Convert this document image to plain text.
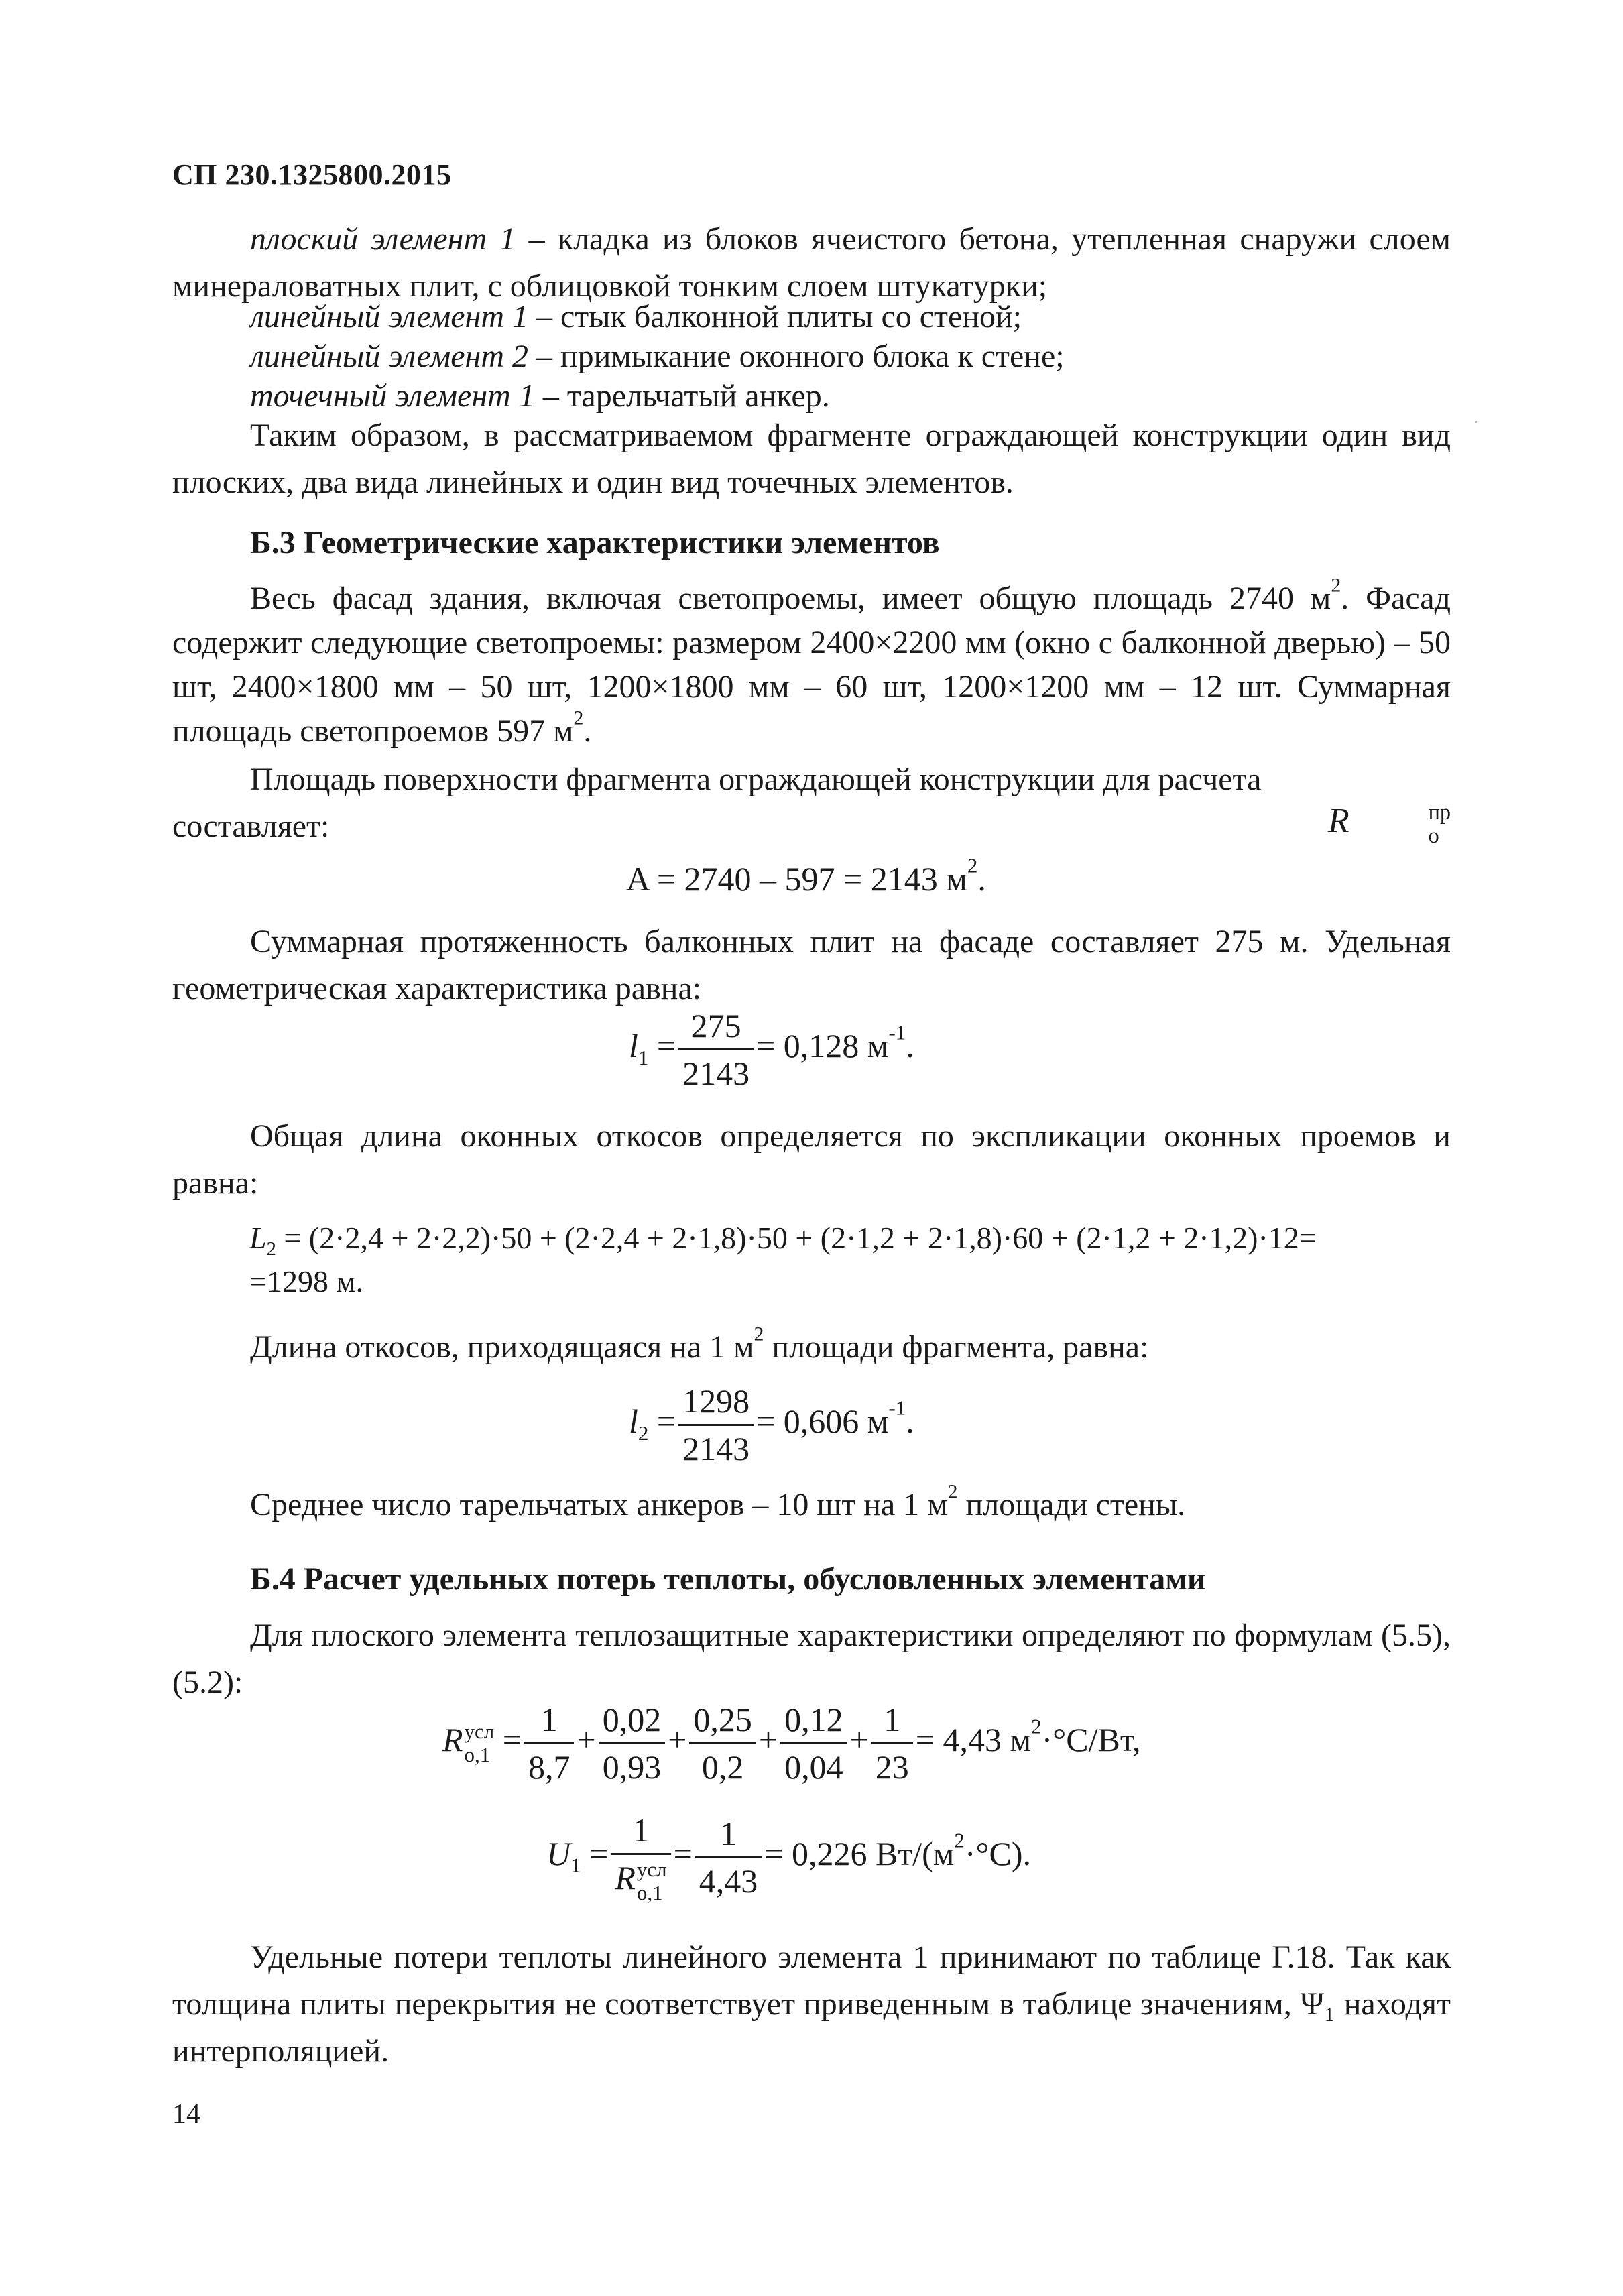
СП 230.1325800.2015
плоский элемент 1 – кладка из блоков ячеистого бетона, утепленная снаружи слоем минераловатных плит, с облицовкой тонким слоем штукатурки;
линейный элемент 1 – стык балконной плиты со стеной;
линейный элемент 2 – примыкание оконного блока к стене;
точечный элемент 1 – тарельчатый анкер.
Таким образом, в рассматриваемом фрагменте ограждающей конструкции один вид плоских, два вида линейных и один вид точечных элементов.
Б.3 Геометрические характеристики элементов
Весь фасад здания, включая светопроемы, имеет общую площадь 2740 $м^2$. Фасад содержит следующие светопроемы: размером 2400×2200 мм (окно с балконной дверью) – 50 шт, 2400×1800 мм – 50 шт, 1200×1800 мм – 60 шт, 1200×1200 мм – 12 шт. Суммарная площадь светопроемов 597 $м^2$.
Площадь поверхности фрагмента ограждающей конструкции для расчета
R	пр
о

составляет:
A = 2740 – 597 = 2143 $м^2$.
Суммарная протяженность балконных плит на фасаде составляет 275 м. Удельная геометрическая характеристика равна:
$l_1 = \frac{275}{2143} = 0,128$ $м^{-1}$.
Общая длина оконных откосов определяется по экспликации оконных проемов и равна:
$L_2 = (2\cdot 2,4 + 2\cdot 2,2)\cdot 50 + (2\cdot 2,4 + 2\cdot 1,8)\cdot 50 + (2\cdot 1,2 + 2\cdot 1,8)\cdot 60 + (2\cdot 1,2 + 2\cdot 1,2)\cdot 12=$
=1298 м.
Длина откосов, приходящаяся на 1 $м^2$ площади фрагмента, равна:
$l_2 = \frac{1298}{2143} = 0,606$ $м^{-1}$.
Среднее число тарельчатых анкеров – 10 шт на 1 $м^2$ площади стены.
Б.4 Расчет удельных потерь теплоты, обусловленных элементами
Для плоского элемента теплозащитные характеристики определяют по формулам (5.5), (5.2):
R усл
$о,1 = \frac{1}{8,7} + \frac{0,02}{0,93} + \frac{0,25}{0,2} + \frac{0,12}{0,04} + \frac{1}{23} = 4,43$ $м^2\cdot^\circ С/Вт$,
$U_1 = 1$
R усл
$о,1 = \frac{1}{4,43} = 0,226$ $Вт/(м^2\cdot^\circ С)$.
Удельные потери теплоты линейного элемента 1 принимают по таблице Г.18. Так как толщина плиты перекрытия не соответствует приведенным в таблице значениям, Ψ₁ находят интерполяцией.
14
